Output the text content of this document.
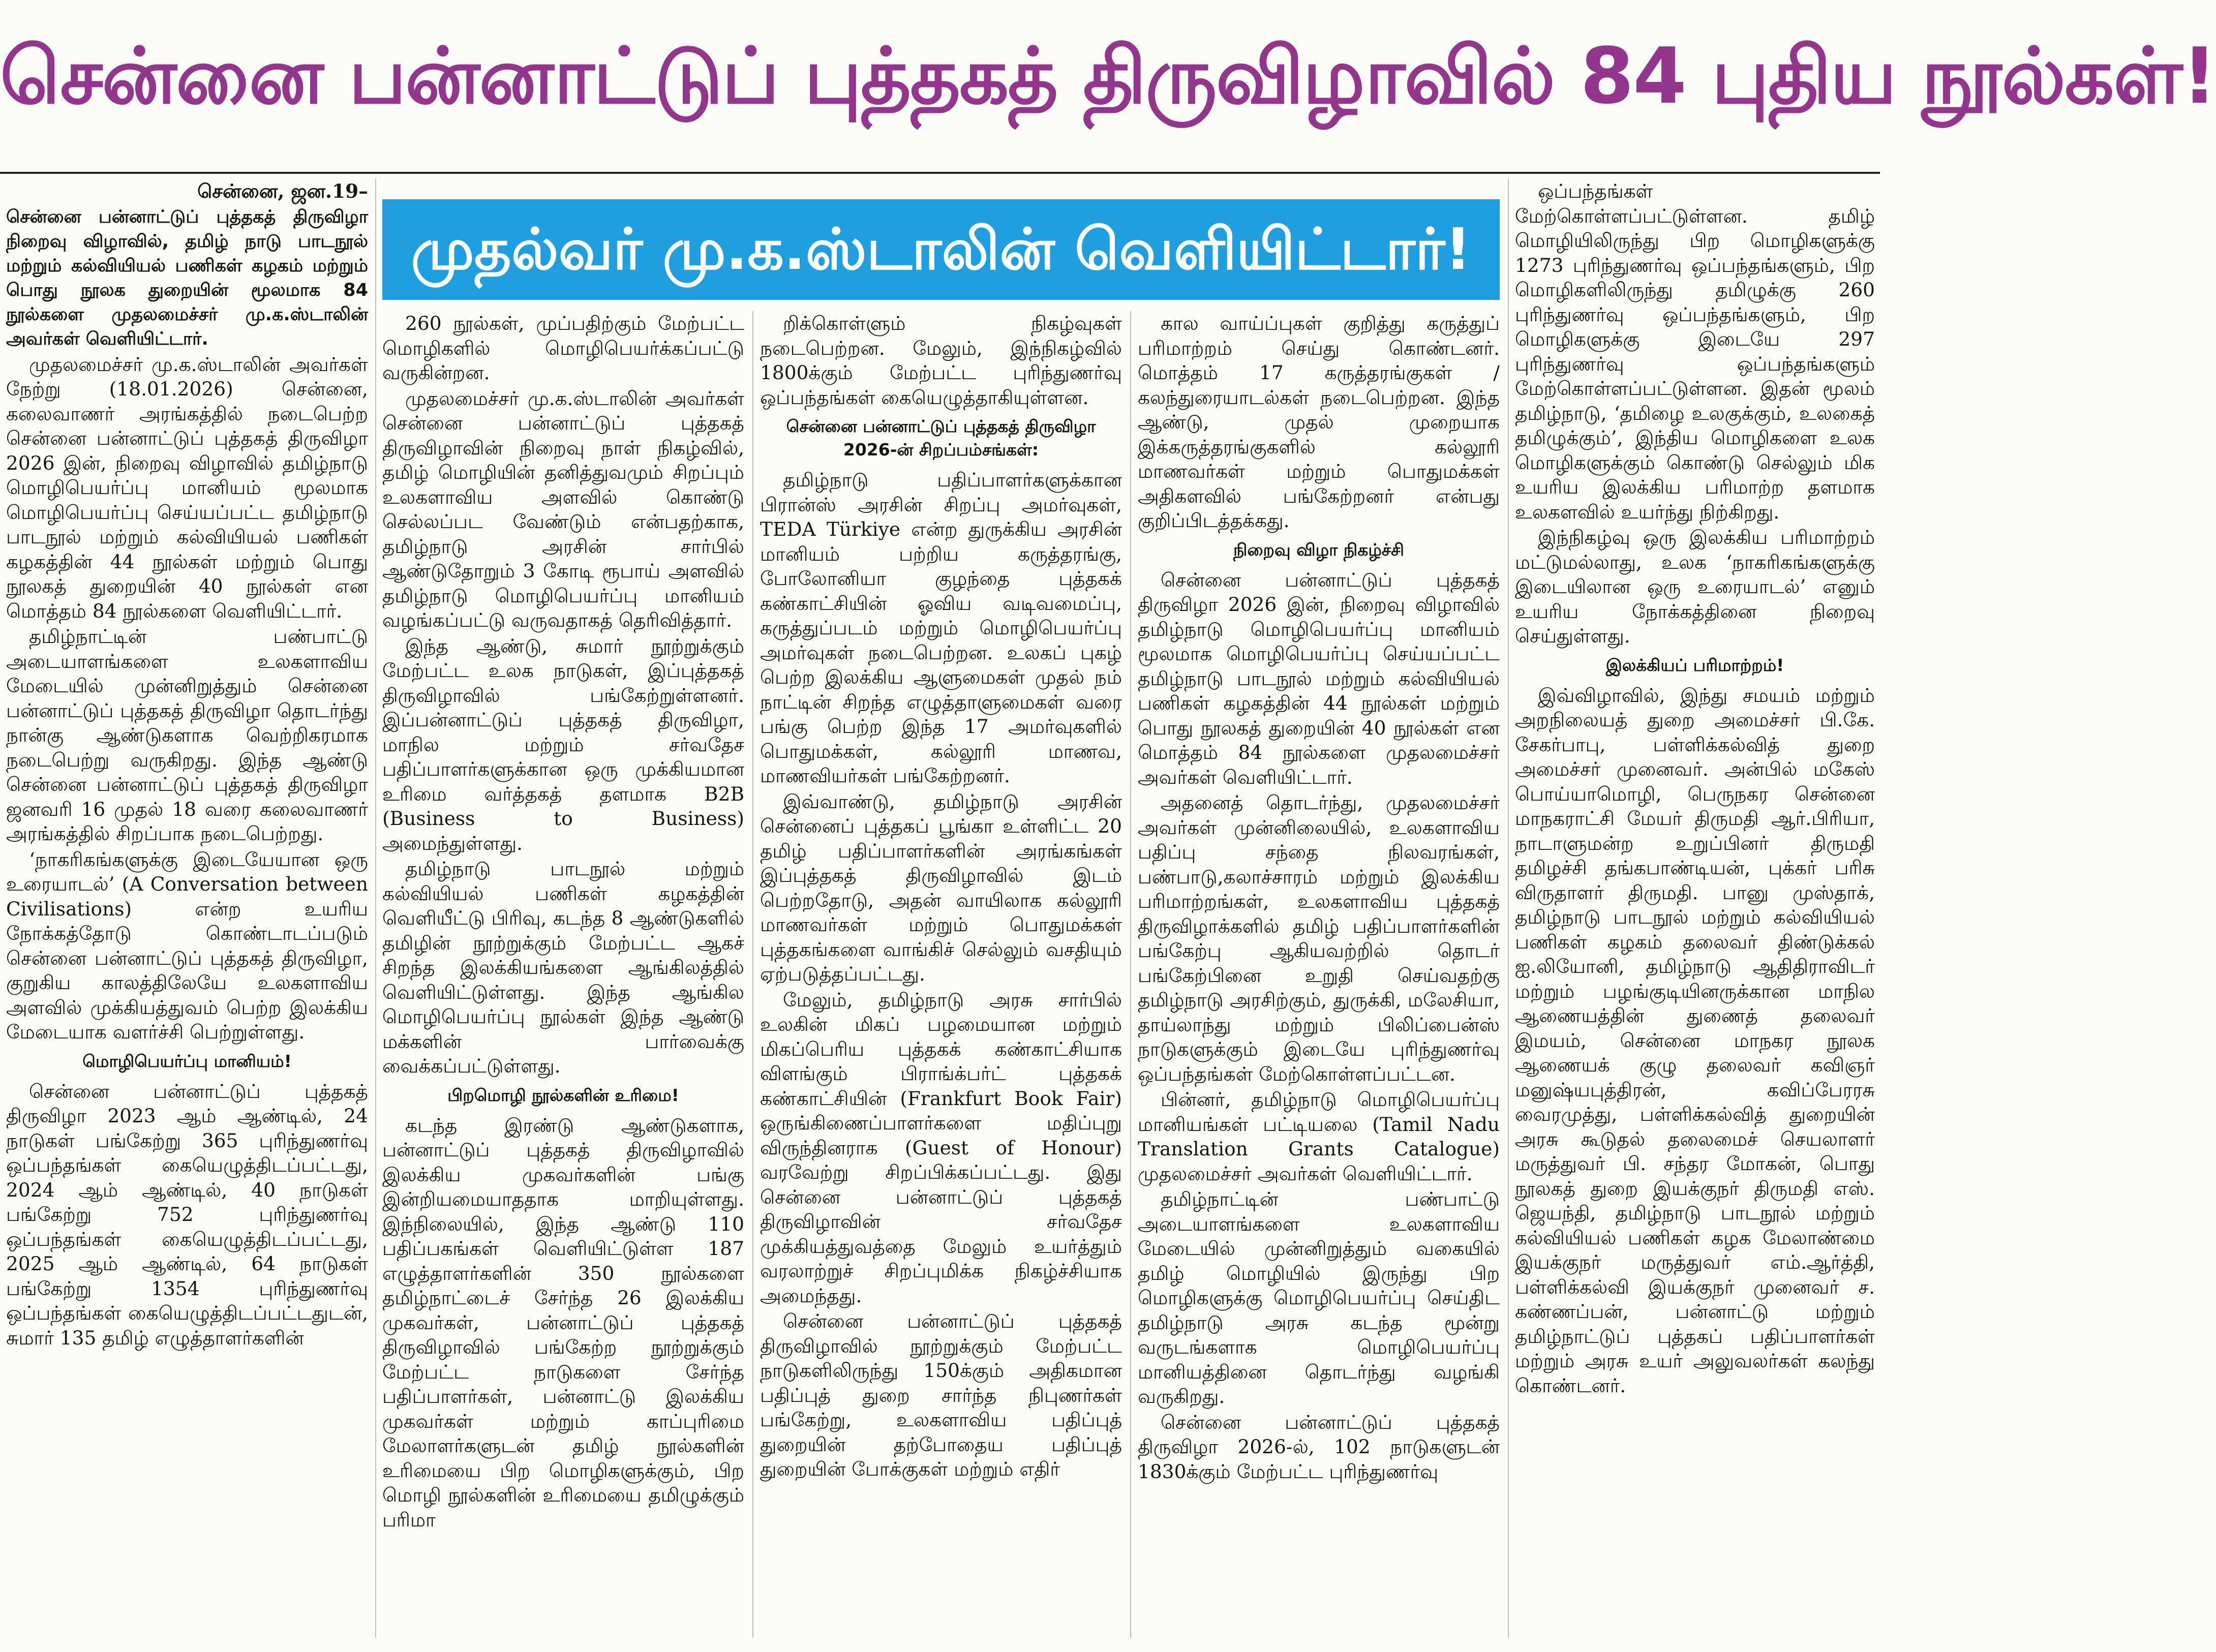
சென்னை பன்னாட்டுப் புத்தகத் திருவிழாவில் 84 புதிய நூல்கள்!
முதல்வர் மு.க.ஸ்டாலின் வெளியிட்டார்!

சென்னை, ஜன.19–

சென்னை பன்னாட்டுப் புத்தகத் திருவிழா நிறைவு விழாவில், தமிழ் நாடு பாடநூல் மற்றும் கல்வியியல் பணிகள் கழகம் மற்றும் பொது நூலக துறையின் மூலமாக 84 நூல்களை முதலமைச்சர் மு.க.ஸ்டாலின் அவர்கள் வெளியிட்டார்.

முதலமைச்சர் மு.க.ஸ்டாலின் அவர்கள் நேற்று (18.01.2026) சென்னை, கலைவாணர் அரங்கத்தில் நடைபெற்ற சென்னை பன்னாட்டுப் புத்தகத் திருவிழா 2026 இன், நிறைவு விழாவில் தமிழ்நாடு மொழிபெயர்ப்பு மானியம் மூலமாக மொழிபெயர்ப்பு செய்யப்பட்ட தமிழ்நாடு பாடநூல் மற்றும் கல்வியியல் பணிகள் கழகத்தின் 44 நூல்கள் மற்றும் பொது நூலகத் துறையின் 40 நூல்கள் என மொத்தம் 84 நூல்களை வெளியிட்டார்.

தமிழ்நாட்டின் பண்பாட்டு அடையாளங்களை உலகளாவிய மேடையில் முன்னிறுத்தும் சென்னை பன்னாட்டுப் புத்தகத் திருவிழா தொடர்ந்து நான்கு ஆண்டுகளாக வெற்றிகரமாக நடைபெற்று வருகிறது. இந்த ஆண்டு சென்னை பன்னாட்டுப் புத்தகத் திருவிழா ஜனவரி 16 முதல் 18 வரை கலைவாணர் அரங்கத்தில் சிறப்பாக நடைபெற்றது.

‘நாகரிகங்களுக்கு இடையேயான ஒரு உரையாடல்’ (A Conversation between Civilisations) என்ற உயரிய நோக்கத்தோடு கொண்டாடப்படும் சென்னை பன்னாட்டுப் புத்தகத் திருவிழா, குறுகிய காலத்திலேயே உலகளாவிய அளவில் முக்கியத்துவம் பெற்ற இலக்கிய மேடையாக வளர்ச்சி பெற்றுள்ளது.

மொழிபெயர்ப்பு மானியம்!

சென்னை பன்னாட்டுப் புத்தகத் திருவிழா 2023 ஆம் ஆண்டில், 24 நாடுகள் பங்கேற்று 365 புரிந்துணர்வு ஒப்பந்தங்கள் கையெழுத்திடப்பட்டது, 2024 ஆம் ஆண்டில், 40 நாடுகள் பங்கேற்று 752 புரிந்துணர்வு ஒப்பந்தங்கள் கையெழுத்திடப்பட்டது, 2025 ஆம் ஆண்டில், 64 நாடுகள் பங்கேற்று 1354 புரிந்துணர்வு ஒப்பந்தங்கள் கையெழுத்திடப்பட்டதுடன், சுமார் 135 தமிழ் எழுத்தாளர்களின்

260 நூல்கள், முப்பதிற்கும் மேற்பட்ட மொழிகளில் மொழிபெயர்க்கப்பட்டு வருகின்றன.

முதலமைச்சர் மு.க.ஸ்டாலின் அவர்கள் சென்னை பன்னாட்டுப் புத்தகத் திருவிழாவின் நிறைவு நாள் நிகழ்வில், தமிழ் மொழியின் தனித்துவமும் சிறப்பும் உலகளாவிய அளவில் கொண்டு செல்லப்பட வேண்டும் என்பதற்காக, தமிழ்நாடு அரசின் சார்பில் ஆண்டுதோறும் 3 கோடி ரூபாய் அளவில் தமிழ்நாடு மொழிபெயர்ப்பு மானியம் வழங்கப்பட்டு வருவதாகத் தெரிவித்தார்.

இந்த ஆண்டு, சுமார் நூற்றுக்கும் மேற்பட்ட உலக நாடுகள், இப்புத்தகத் திருவிழாவில் பங்கேற்றுள்ளனர். இப்பன்னாட்டுப் புத்தகத் திருவிழா, மாநில மற்றும் சர்வதேச பதிப்பாளர்களுக்கான ஒரு முக்கியமான உரிமை வர்த்தகத் தளமாக B2B (Business to Business) அமைந்துள்ளது.

தமிழ்நாடு பாடநூல் மற்றும் கல்வியியல் பணிகள் கழகத்தின் வெளியீட்டு பிரிவு, கடந்த 8 ஆண்டுகளில் தமிழின் நூற்றுக்கும் மேற்பட்ட ஆகச் சிறந்த இலக்கியங்களை ஆங்கிலத்தில் வெளியிட்டுள்ளது. இந்த ஆங்கில மொழிபெயர்ப்பு நூல்கள் இந்த ஆண்டு மக்களின் பார்வைக்கு வைக்கப்பட்டுள்ளது.

பிறமொழி நூல்களின் உரிமை!

கடந்த இரண்டு ஆண்டுகளாக, பன்னாட்டுப் புத்தகத் திருவிழாவில் இலக்கிய முகவர்களின் பங்கு இன்றியமையாததாக மாறியுள்ளது. இந்நிலையில், இந்த ஆண்டு 110 பதிப்பகங்கள் வெளியிட்டுள்ள 187 எழுத்தாளர்களின் 350 நூல்களை தமிழ்நாட்டைச் சேர்ந்த 26 இலக்கிய முகவர்கள், பன்னாட்டுப் புத்தகத் திருவிழாவில் பங்கேற்ற நூற்றுக்கும் மேற்பட்ட நாடுகளை சேர்ந்த பதிப்பாளர்கள், பன்னாட்டு இலக்கிய முகவர்கள் மற்றும் காப்புரிமை மேலாளர்களுடன் தமிழ் நூல்களின் உரிமையை பிற மொழிகளுக்கும், பிற மொழி நூல்களின் உரிமையை தமிழுக்கும் பரிமா

றிக்கொள்ளும் நிகழ்வுகள் நடைபெற்றன. மேலும், இந்நிகழ்வில் 1800க்கும் மேற்பட்ட புரிந்துணர்வு ஒப்பந்தங்கள் கையெழுத்தாகியுள்ளன.

சென்னை பன்னாட்டுப் புத்தகத் திருவிழா 2026-ன் சிறப்பம்சங்கள்:

தமிழ்நாடு பதிப்பாளர்களுக்கான பிரான்ஸ் அரசின் சிறப்பு அமர்வுகள், TEDA Türkiye என்ற துருக்கிய அரசின் மானியம் பற்றிய கருத்தரங்கு, போலோனியா குழந்தை புத்தகக் கண்காட்சியின் ஓவிய வடிவமைப்பு, கருத்துப்படம் மற்றும் மொழிபெயர்ப்பு அமர்வுகள் நடைபெற்றன. உலகப் புகழ் பெற்ற இலக்கிய ஆளுமைகள் முதல் நம் நாட்டின் சிறந்த எழுத்தாளுமைகள் வரை பங்கு பெற்ற இந்த 17 அமர்வுகளில் பொதுமக்கள், கல்லூரி மாணவ, மாணவியர்கள் பங்கேற்றனர்.

இவ்வாண்டு, தமிழ்நாடு அரசின் சென்னைப் புத்தகப் பூங்கா உள்ளிட்ட 20 தமிழ் பதிப்பாளர்களின் அரங்கங்கள் இப்புத்தகத் திருவிழாவில் இடம் பெற்றதோடு, அதன் வாயிலாக கல்லூரி மாணவர்கள் மற்றும் பொதுமக்கள் புத்தகங்களை வாங்கிச் செல்லும் வசதியும் ஏற்படுத்தப்பட்டது.

மேலும், தமிழ்நாடு அரசு சார்பில் உலகின் மிகப் பழமையான மற்றும் மிகப்பெரிய புத்தகக் கண்காட்சியாக விளங்கும் பிராங்க்பர்ட் புத்தகக் கண்காட்சியின் (Frankfurt Book Fair) ஒருங்கிணைப்பாளர்களை மதிப்புறு விருந்தினராக (Guest of Honour) வரவேற்று சிறப்பிக்கப்பட்டது. இது சென்னை பன்னாட்டுப் புத்தகத் திருவிழாவின் சர்வதேச முக்கியத்துவத்தை மேலும் உயர்த்தும் வரலாற்றுச் சிறப்புமிக்க நிகழ்ச்சியாக அமைந்தது.

சென்னை பன்னாட்டுப் புத்தகத் திருவிழாவில் நூற்றுக்கும் மேற்பட்ட நாடுகளிலிருந்து 150க்கும் அதிகமான பதிப்புத் துறை சார்ந்த நிபுணர்கள் பங்கேற்று, உலகளாவிய பதிப்புத் துறையின் தற்போதைய பதிப்புத் துறையின் போக்குகள் மற்றும் எதிர்

கால வாய்ப்புகள் குறித்து கருத்துப் பரிமாற்றம் செய்து கொண்டனர். மொத்தம் 17 கருத்தரங்குகள் / கலந்துரையாடல்கள் நடைபெற்றன. இந்த ஆண்டு, முதல் முறையாக இக்கருத்தரங்குகளில் கல்லூரி மாணவர்கள் மற்றும் பொதுமக்கள் அதிகளவில் பங்கேற்றனர் என்பது குறிப்பிடத்தக்கது.

நிறைவு விழா நிகழ்ச்சி

சென்னை பன்னாட்டுப் புத்தகத் திருவிழா 2026 இன், நிறைவு விழாவில் தமிழ்நாடு மொழிபெயர்ப்பு மானியம் மூலமாக மொழிபெயர்ப்பு செய்யப்பட்ட தமிழ்நாடு பாடநூல் மற்றும் கல்வியியல் பணிகள் கழகத்தின் 44 நூல்கள் மற்றும் பொது நூலகத் துறையின் 40 நூல்கள் என மொத்தம் 84 நூல்களை முதலமைச்சர் அவர்கள் வெளியிட்டார்.

அதனைத் தொடர்ந்து, முதலமைச்சர் அவர்கள் முன்னிலையில், உலகளாவிய பதிப்பு சந்தை நிலவரங்கள், பண்பாடு,கலாச்சாரம் மற்றும் இலக்கிய பரிமாற்றங்கள், உலகளாவிய புத்தகத் திருவிழாக்களில் தமிழ் பதிப்பாளர்களின் பங்கேற்பு ஆகியவற்றில் தொடர் பங்கேற்பினை உறுதி செய்வதற்கு தமிழ்நாடு அரசிற்கும், துருக்கி, மலேசியா, தாய்லாந்து மற்றும் பிலிப்பைன்ஸ் நாடுகளுக்கும் இடையே புரிந்துணர்வு ஒப்பந்தங்கள் மேற்கொள்ளப்பட்டன.

பின்னர், தமிழ்நாடு மொழிபெயர்ப்பு மானியங்கள் பட்டியலை (Tamil Nadu Translation Grants Catalogue) முதலமைச்சர் அவர்கள் வெளியிட்டார்.

தமிழ்நாட்டின் பண்பாட்டு அடையாளங்களை உலகளாவிய மேடையில் முன்னிறுத்தும் வகையில் தமிழ் மொழியில் இருந்து பிற மொழிகளுக்கு மொழிபெயர்ப்பு செய்திட தமிழ்நாடு அரசு கடந்த மூன்று வருடங்களாக மொழிபெயர்ப்பு மானியத்தினை தொடர்ந்து வழங்கி வருகிறது.

சென்னை பன்னாட்டுப் புத்தகத் திருவிழா 2026-ல், 102 நாடுகளுடன் 1830க்கும் மேற்பட்ட புரிந்துணர்வு

ஒப்பந்தங்கள் மேற்கொள்ளப்பட்டுள்ளன. தமிழ் மொழியிலிருந்து பிற மொழிகளுக்கு 1273 புரிந்துணர்வு ஒப்பந்தங்களும், பிற மொழிகளிலிருந்து தமிழுக்கு 260 புரிந்துணர்வு ஒப்பந்தங்களும், பிற மொழிகளுக்கு இடையே 297 புரிந்துணர்வு ஒப்பந்தங்களும் மேற்கொள்ளப்பட்டுள்ளன. இதன் மூலம் தமிழ்நாடு, ‘தமிழை உலகுக்கும், உலகைத் தமிழுக்கும்’, இந்திய மொழிகளை உலக மொழிகளுக்கும் கொண்டு செல்லும் மிக உயரிய இலக்கிய பரிமாற்ற தளமாக உலகளவில் உயர்ந்து நிற்கிறது.

இந்நிகழ்வு ஒரு இலக்கிய பரிமாற்றம் மட்டுமல்லாது, உலக ‘நாகரிகங்களுக்கு இடையிலான ஒரு உரையாடல்’ எனும் உயரிய நோக்கத்தினை நிறைவு செய்துள்ளது.

இலக்கியப் பரிமாற்றம்!

இவ்விழாவில், இந்து சமயம் மற்றும் அறநிலையத் துறை அமைச்சர் பி.கே. சேகர்பாபு, பள்ளிக்கல்வித் துறை அமைச்சர் முனைவர். அன்பில் மகேஸ் பொய்யாமொழி, பெருநகர சென்னை மாநகராட்சி மேயர் திருமதி ஆர்.பிரியா, நாடாளுமன்ற உறுப்பினர் திருமதி தமிழச்சி தங்கபாண்டியன், புக்கர் பரிசு விருதாளர் திருமதி. பானு முஸ்தாக், தமிழ்நாடு பாடநூல் மற்றும் கல்வியியல் பணிகள் கழகம் தலைவர் திண்டுக்கல் ஐ.லியோனி, தமிழ்நாடு ஆதிதிராவிடர் மற்றும் பழங்குடியினருக்கான மாநில ஆணையத்தின் துணைத் தலைவர் இமயம், சென்னை மாநகர நூலக ஆணையக் குழு தலைவர் கவிஞர் மனுஷ்யபுத்திரன், கவிப்பேரரசு வைரமுத்து, பள்ளிக்கல்வித் துறையின் அரசு கூடுதல் தலைமைச் செயலாளர் மருத்துவர் பி. சந்தர மோகன், பொது நூலகத் துறை இயக்குநர் திருமதி எஸ். ஜெயந்தி, தமிழ்நாடு பாடநூல் மற்றும் கல்வியியல் பணிகள் கழக மேலாண்மை இயக்குநர் மருத்துவர் எம்.ஆர்த்தி, பள்ளிக்கல்வி இயக்குநர் முனைவர் ச. கண்ணப்பன், பன்னாட்டு மற்றும் தமிழ்நாட்டுப் புத்தகப் பதிப்பாளர்கள் மற்றும் அரசு உயர் அலுவலர்கள் கலந்து கொண்டனர்.
